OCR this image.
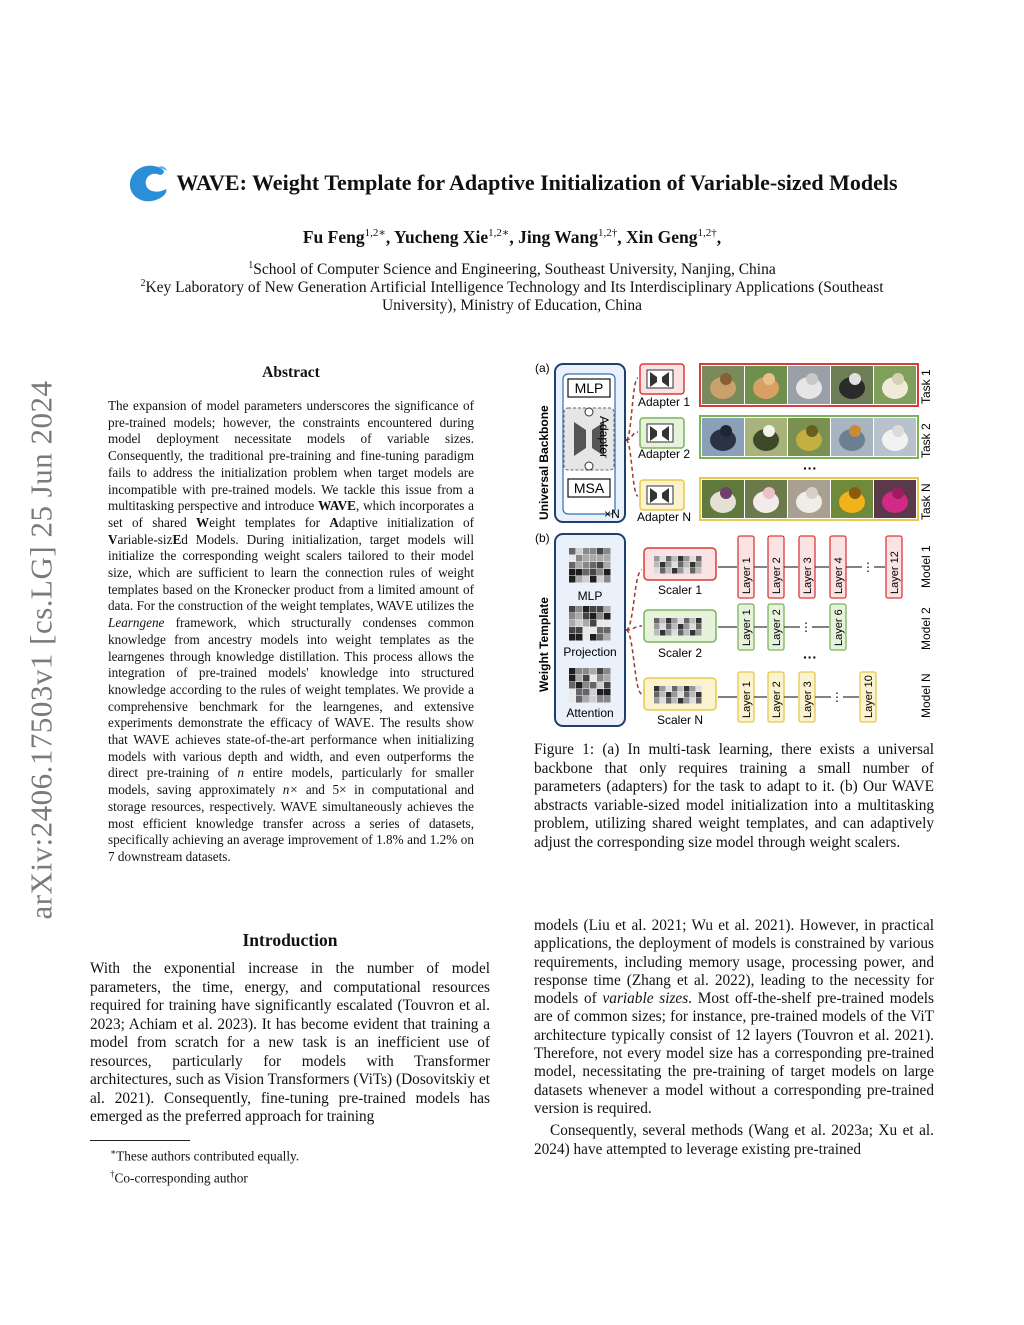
arXiv:2406.17503v1 [cs.LG] 25 Jun 2024
WAVE: Weight Template for Adaptive Initialization of Variable-sized Models
Fu Feng$^{1,2∗}$, Yucheng Xie$^{1,2∗}$, Jing Wang$^{1,2\dagger}$, Xin Geng$^{1,2\dagger}$,
$^1$School of Computer Science and Engineering, Southeast University, Nanjing, China
$^2$Key Laboratory of New Generation Artificial Intelligence Technology and Its Interdisciplinary Applications (Southeast
University), Ministry of Education, China
Abstract

The expansion of model parameters underscores the significance of pre-trained models; however, the constraints encountered during model deployment necessitate models of variable sizes. Consequently, the traditional pre-training and fine-tuning paradigm fails to address the initialization problem when target models are incompatible with pre-trained models. We tackle this issue from a multitasking perspective and introduce WAVE, which incorporates a set of shared Weight templates for Adaptive initialization of Variable-sizEd Models. During initialization, target models will initialize the corresponding weight scalers tailored to their model size, which are sufficient to learn the connection rules of weight templates based on the Kronecker product from a limited amount of data. For the construction of the weight templates, WAVE utilizes the Learngene framework, which structurally condenses common knowledge from ancestry models into weight templates as the learngenes through knowledge distillation. This process allows the integration of pre-trained models' knowledge into structured knowledge according to the rules of weight templates. We provide a comprehensive benchmark for the learngenes, and extensive experiments demonstrate the efficacy of WAVE. The results show that WAVE achieves state-of-the-art performance when initializing models with various depth and width, and even outperforms the direct pre-training of n entire models, particularly for smaller models, saving approximately n× and 5× in computational and storage resources, respectively. WAVE simultaneously achieves the most efficient knowledge transfer across a series of datasets, specifically achieving an average improvement of 1.8% and 1.2% on 7 downstream datasets.

Introduction

With the exponential increase in the number of model parameters, the time, energy, and computational resources required for training have significantly escalated (Touvron et al. 2023; Achiam et al. 2023). It has become evident that training a model from scratch for a new task is an inefficient use of resources, particularly for models with Transformer architectures, such as Vision Transformers (ViTs) (Dosovitskiy et al. 2021). Consequently, fine-tuning pre-trained models has emerged as the preferred approach for training

∗These authors contributed equally.
†Co-corresponding author
(a)
Universal Backbone
MLP
Adapter
MSA
×N
Adapter 1
Adapter 2
Adapter N
···
Task 1
Task 2
Task N
(b)
Weight Template
MLP
Projection
Attention
Scaler 1
Scaler 2
Scaler N
···
Layer 1 Layer 2 Layer 3 Layer 4	Layer 12
⋮
Layer 1 Layer 2	Layer 6
⋮
Layer 1 Layer 2 Layer 3	Layer 10
⋮
Model 1
Model 2
Model N
Figure 1: (a) In multi-task learning, there exists a universal backbone that only requires training a small number of parameters (adapters) for the task to adapt to it. (b) Our WAVE abstracts variable-sized model initialization into a multitasking problem, utilizing shared weight templates, and can adaptively adjust the corresponding size model through weight scalers.

models (Liu et al. 2021; Wu et al. 2021). However, in practical applications, the deployment of models is constrained by various requirements, including memory usage, processing power, and response time (Zhang et al. 2022), leading to the necessity for models of variable sizes. Most off-the-shelf pre-trained models are of common sizes; for instance, pre-trained models of the ViT architecture typically consist of 12 layers (Touvron et al. 2021). Therefore, not every model size has a corresponding pre-trained model, necessitating the pre-training of target models on large datasets whenever a model without a corresponding pre-trained version is required.

Consequently, several methods (Wang et al. 2023a; Xu et al. 2024) have attempted to leverage existing pre-trained
